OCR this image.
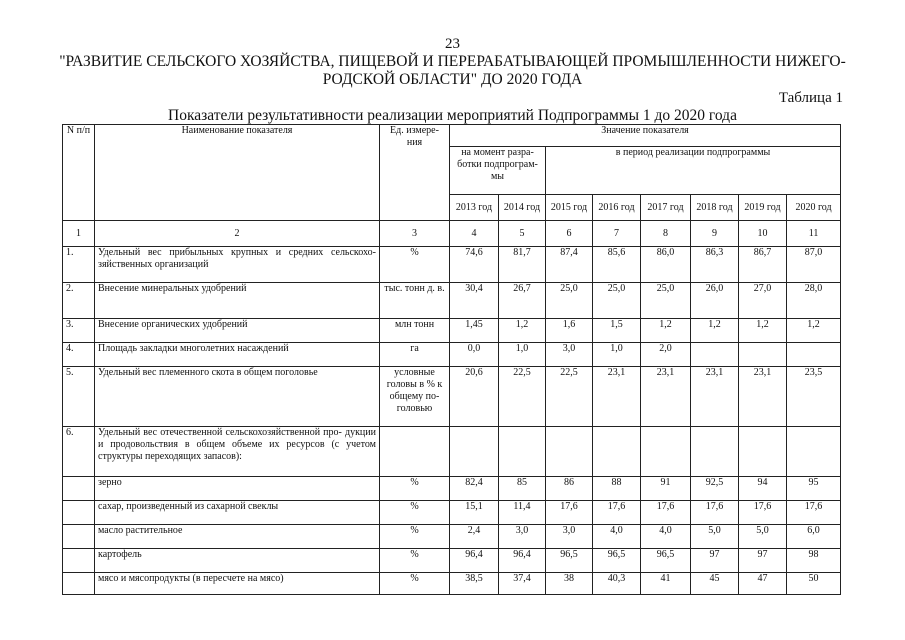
23
"РАЗВИТИЕ СЕЛЬСКОГО ХОЗЯЙСТВА, ПИЩЕВОЙ И ПЕРЕРАБАТЫВАЮЩЕЙ ПРОМЫШЛЕННОСТИ НИЖЕГО-
РОДСКОЙ ОБЛАСТИ" ДО 2020 ГОДА
Таблица 1
Показатели результативности реализации мероприятий Подпрограммы 1 до 2020 года
N п/п	Наименование показателя	Ед. измере- ния	Значение показателя							
			на момент разра- ботки подпрограм- мы		в период реализации подпрограммы					
			2013 год	2014 год	2015 год	2016 год	2017 год	2018 год	2019 год	2020 год
1	2	3	4	5	6	7	8	9	10	11
1.	Удельный вес прибыльных крупных и средних сельскохо- зяйственных организаций	%	74,6	81,7	87,4	85,6	86,0	86,3	86,7	87,0
2.	Внесение минеральных удобрений	тыс. тонн д. в.	30,4	26,7	25,0	25,0	25,0	26,0	27,0	28,0
3.	Внесение органических удобрений	млн тонн	1,45	1,2	1,6	1,5	1,2	1,2	1,2	1,2
4.	Площадь закладки многолетних насаждений	га	0,0	1,0	3,0	1,0	2,0			
5.	Удельный вес племенного скота в общем поголовье	условные головы в % к общему по- головью	20,6	22,5	22,5	23,1	23,1	23,1	23,1	23,5
6.	Удельный вес отечественной сельскохозяйственной про- дукции и продовольствия в общем объеме их ресурсов (с учетом структуры переходящих запасов):									
	зерно	%	82,4	85	86	88	91	92,5	94	95
	сахар, произведенный из сахарной свеклы	%	15,1	11,4	17,6	17,6	17,6	17,6	17,6	17,6
	масло растительное	%	2,4	3,0	3,0	4,0	4,0	5,0	5,0	6,0
	картофель	%	96,4	96,4	96,5	96,5	96,5	97	97	98
	мясо и мясопродукты (в пересчете на мясо)	%	38,5	37,4	38	40,3	41	45	47	50
